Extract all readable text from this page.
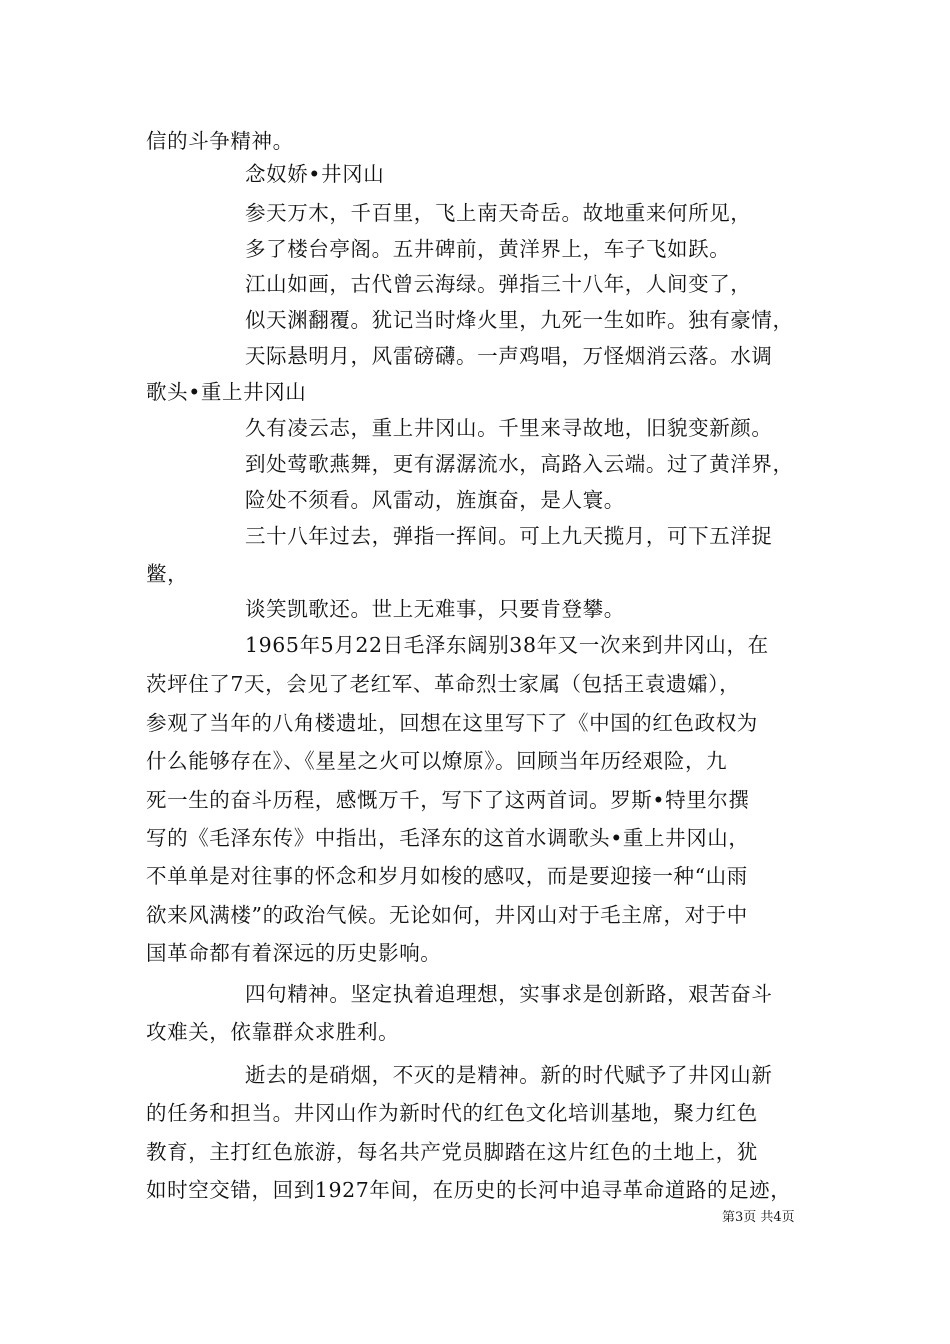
信的斗争精神。
念奴娇•井冈山
参天万木，千百里，飞上南天奇岳。故地重来何所见，
多了楼台亭阁。五井碑前，黄洋界上，车子飞如跃。
江山如画，古代曾云海绿。弹指三十八年，人间变了，
似天渊翻覆。犹记当时烽火里，九死一生如昨。独有豪情，
天际悬明月，风雷磅礴。一声鸡唱，万怪烟消云落。水调
歌头•重上井冈山
久有凌云志，重上井冈山。千里来寻故地，旧貌变新颜。
到处莺歌燕舞，更有潺潺流水，高路入云端。过了黄洋界，
险处不须看。风雷动，旌旗奋，是人寰。
三十八年过去，弹指一挥间。可上九天揽月，可下五洋捉
鳖，
谈笑凯歌还。世上无难事，只要肯登攀。
1965年5月22日毛泽东阔别38年又一次来到井冈山，在
茨坪住了7天，会见了老红军、革命烈士家属（包括王袁遗孀），
参观了当年的八角楼遗址，回想在这里写下了《中国的红色政权为
什么能够存在》、《星星之火可以燎原》。回顾当年历经艰险，九
死一生的奋斗历程，感慨万千，写下了这两首词。罗斯•特里尔撰
写的《毛泽东传》中指出，毛泽东的这首水调歌头•重上井冈山，
不单单是对往事的怀念和岁月如梭的感叹，而是要迎接一种“山雨
欲来风满楼”的政治气候。无论如何，井冈山对于毛主席，对于中
国革命都有着深远的历史影响。
四句精神。坚定执着追理想，实事求是创新路，艰苦奋斗
攻难关，依靠群众求胜利。
逝去的是硝烟，不灭的是精神。新的时代赋予了井冈山新
的任务和担当。井冈山作为新时代的红色文化培训基地，聚力红色
教育，主打红色旅游，每名共产党员脚踏在这片红色的土地上，犹
如时空交错，回到1927年间，在历史的长河中追寻革命道路的足迹，
第3页 共4页
